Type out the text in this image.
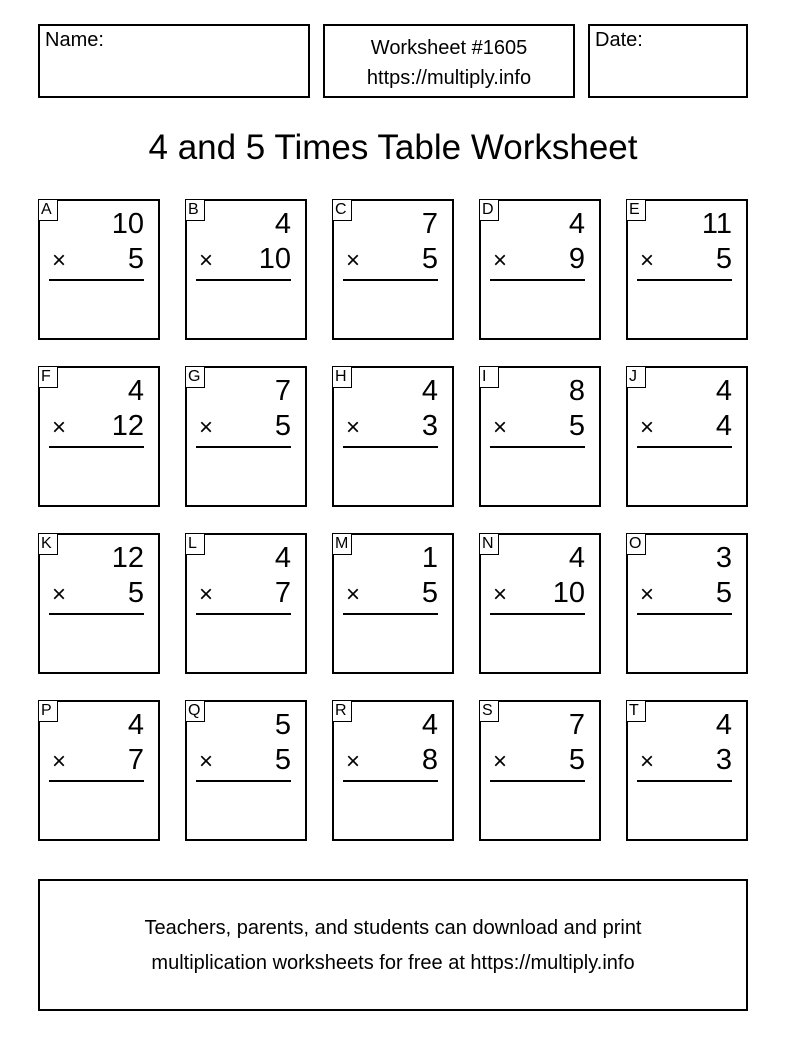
Name:	Worksheet #1605
https://multiply.info
Date:
4 and 5 Times Table Worksheet
A 10
× 5
B	4
× 10
C	7
× 5
D	4
× 9
E 11
× 5
F	4
× 12
G	7
× 5
H	4
× 3
I	8
× 5
J	4
× 4
K 12
× 5
L	4
× 7
M	1
× 5
N	4
× 10
O	3
× 5
P	4
× 7
Q	5
× 5
R	4
× 8
S	7
× 5
T	4
× 3
Teachers, parents, and students can download and print
multiplication worksheets for free at https://multiply.info
